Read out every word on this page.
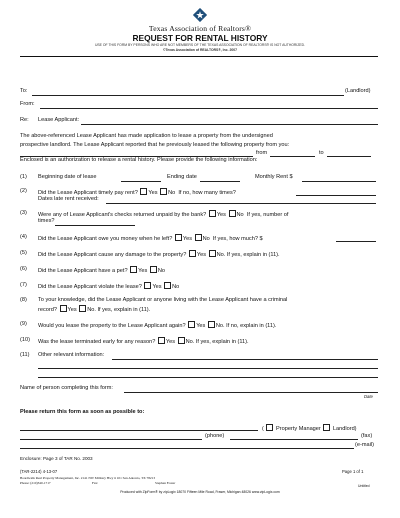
Texas Association of Realtors®
REQUEST FOR RENTAL HISTORY
USE OF THIS FORM BY PERSONS WHO ARE NOT MEMBERS OF THE TEXAS ASSOCIATION OF REALTORS® IS NOT AUTHORIZED.
©Texas Association of REALTORS®, Inc. 2007
To:	(Landlord)
From:
Re: Lease Applicant:
The above-referenced Lease Applicant has made application to lease a property from the undersigned
prospective landlord. The Lease Applicant reported that he previously leased the following property from you:
from	to
Enclosed is an authorization to release a rental history. Please provide the following information:
(1) Beginning date of lease	Ending date	Monthly Rent $
(2) Did the Lease Applicant timely pay rent? Yes No If no, how many times?
Dates late rent received:
(3) Were any of Lease Applicant's checks returned unpaid by the bank? Yes No If yes, number of
times?
(4) Did the Lease Applicant owe you money when he left? Yes No If yes, how much? $
(5) Did the Lease Applicant cause any damage to the property? Yes No. If yes, explain in (11).
(6) Did the Lease Applicant have a pet? Yes No
(7) Did the Lease Applicant violate the lease? Yes No
(8) To your knowledge, did the Lease Applicant or anyone living with the Lease Applicant have a criminal
record? Yes No. If yes, explain in (11).
(9) Would you lease the property to the Lease Applicant again? Yes No. If no, explain in (11).
(10) Was the lease terminated early for any reason? Yes No. If yes, explain in (11).
(11) Other relevant information:
Name of person completing this form:
Date
Please return this form as soon as possible to:
( Property Manager Landlord)
(phone)	(fax)
(e-mail)
Enclosure: Page 3 of TAR No. 2003
(TAR-2214) 4-13-07	Page 1 of 1
Boardwalk Real Property Management, Inc. 2141 NW Military Hwy # 101 San Antonio, TX 78213
Phone: (210)340-1717	Fax:	Stephen Foster
Untitled
Produced with ZipForm® by zipLogix 18070 Fifteen Mile Road, Fraser, Michigan 48026 www.zipLogix.com
